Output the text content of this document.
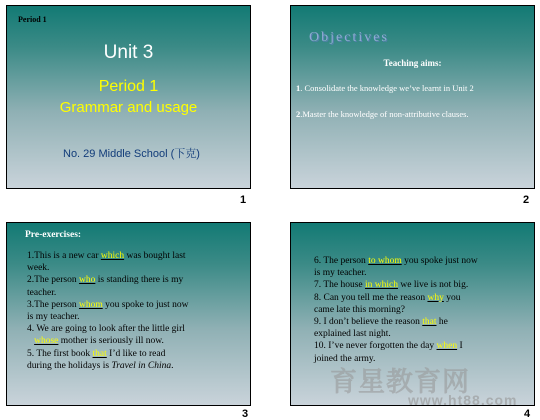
Period 1
Unit 3
Period 1
Grammar and usage
No. 29 Middle School (下克)
1
Objectives
Teaching aims:
1. Consolidate the knowledge we’ve learnt in Unit 2
2.Master the knowledge of non-attributive clauses.
2
Pre-exercises:
1.This is a new car which was bought last
week.
2.The person who is standing there is my
teacher.
3.The person whom you spoke to just now
is my teacher.
4. We are going to look after the little girl
whose mother is seriously ill now.
5. The first book that I’d like to read
during the holidays is Travel in China.
3
6. The person to whom you spoke just now
is my teacher.
7. The house in which we live is not big.
8. Can you tell me the reason why you
came late this morning?
9. I don’t believe the reason that he
explained last night.
10. I’ve never forgotten the day when I
joined the army.
4
育星教育网
www.ht88.com
